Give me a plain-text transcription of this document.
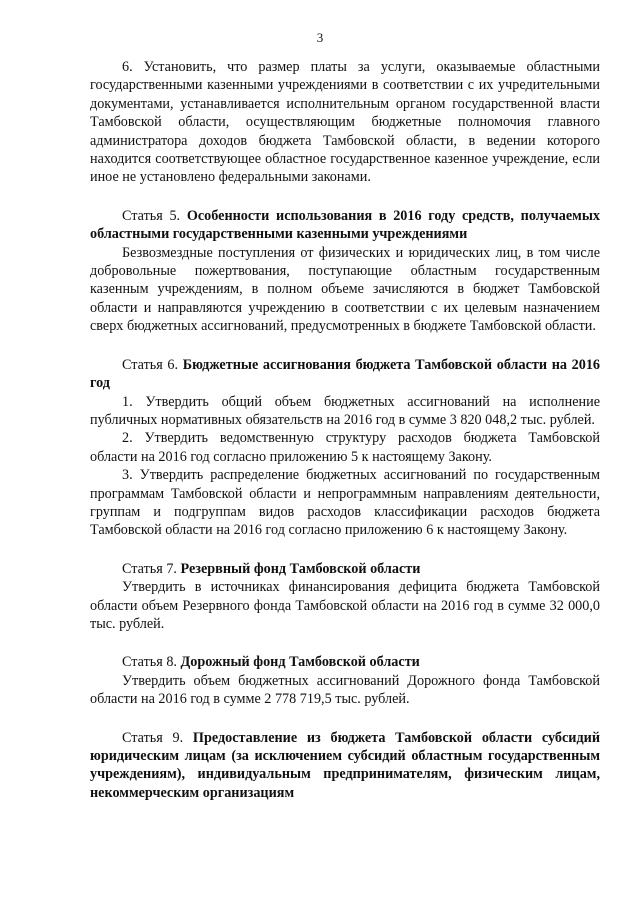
3

6. Установить, что размер платы за услуги, оказываемые областными государственными казенными учреждениями в соответствии с их учредительными документами, устанавливается исполнительным органом государственной власти Тамбовской области, осуществляющим бюджетные полномочия главного администратора доходов бюджета Тамбовской области, в ведении которого находится соответствующее областное государственное казенное учреждение, если иное не установлено федеральными законами.

Статья 5. Особенности использования в 2016 году средств, получаемых областными государственными казенными учреждениями

Безвозмездные поступления от физических и юридических лиц, в том числе добровольные пожертвования, поступающие областным государственным казенным учреждениям, в полном объеме зачисляются в бюджет Тамбовской области и направляются учреждению в соответствии с их целевым назначением сверх бюджетных ассигнований, предусмотренных в бюджете Тамбовской области.

Статья 6. Бюджетные ассигнования бюджета Тамбовской области на 2016 год

1. Утвердить общий объем бюджетных ассигнований на исполнение публичных нормативных обязательств на 2016 год в сумме 3 820 048,2 тыс. рублей.

2. Утвердить ведомственную структуру расходов бюджета Тамбовской области на 2016 год согласно приложению 5 к настоящему Закону.

3. Утвердить распределение бюджетных ассигнований по государственным программам Тамбовской области и непрограммным направлениям деятельности, группам и подгруппам видов расходов классификации расходов бюджета Тамбовской области на 2016 год согласно приложению 6 к настоящему Закону.

Статья 7. Резервный фонд Тамбовской области

Утвердить в источниках финансирования дефицита бюджета Тамбовской области объем Резервного фонда Тамбовской области на 2016 год в сумме 32 000,0 тыс. рублей.

Статья 8. Дорожный фонд Тамбовской области

Утвердить объем бюджетных ассигнований Дорожного фонда Тамбовской области на 2016 год в сумме 2 778 719,5 тыс. рублей.

Статья 9. Предоставление из бюджета Тамбовской области субсидий юридическим лицам (за исключением субсидий областным государственным учреждениям), индивидуальным предпринимателям, физическим лицам, некоммерческим организациям
